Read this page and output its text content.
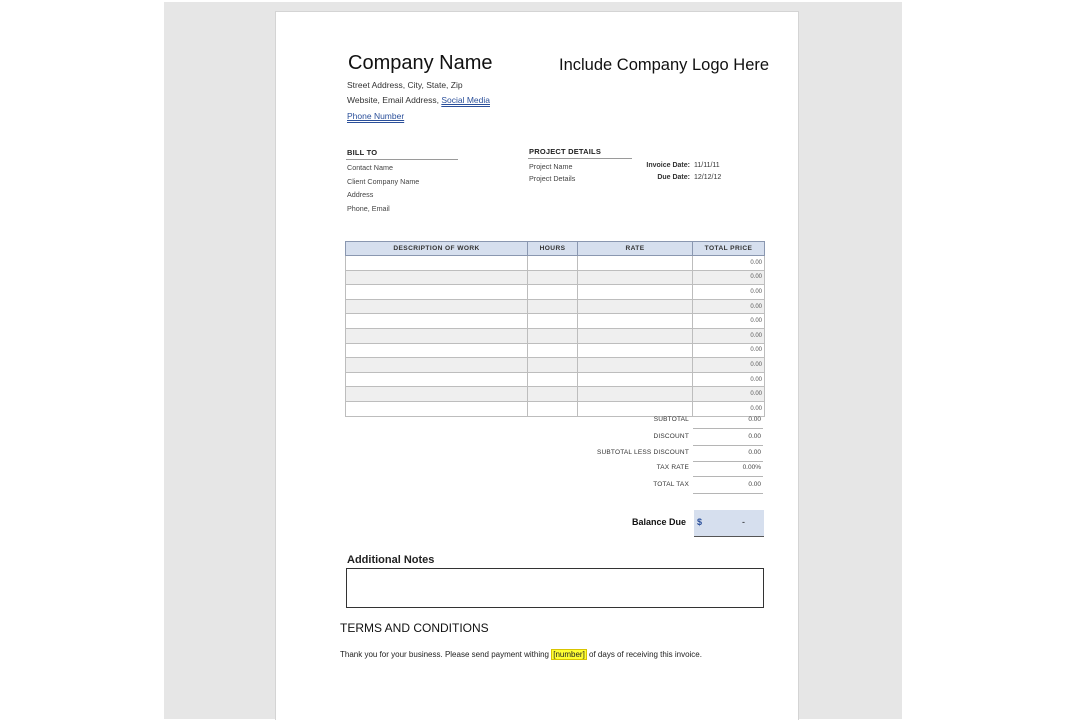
Company Name	Include Company Logo Here
Street Address, City, State, Zip
Website, Email Address, Social Media
Phone Number
BILL TO
Contact Name
Client Company Name
Address
Phone, Email
PROJECT DETAILS
Project Name
Project Details
Invoice Date: 11/11/11
Due Date: 12/12/12
DESCRIPTION OF WORK	HOURS	RATE	TOTAL PRICE
			0.00
			0.00
			0.00
			0.00
			0.00
			0.00
			0.00
			0.00
			0.00
			0.00
			0.00
SUBTOTAL	0.00
DISCOUNT	0.00
SUBTOTAL LESS DISCOUNT	0.00
TAX RATE	0.00%
TOTAL TAX	0.00
Balance Due $	-
Additional Notes
TERMS AND CONDITIONS
Thank you for your business. Please send payment withing [number] of days of receiving this invoice.
